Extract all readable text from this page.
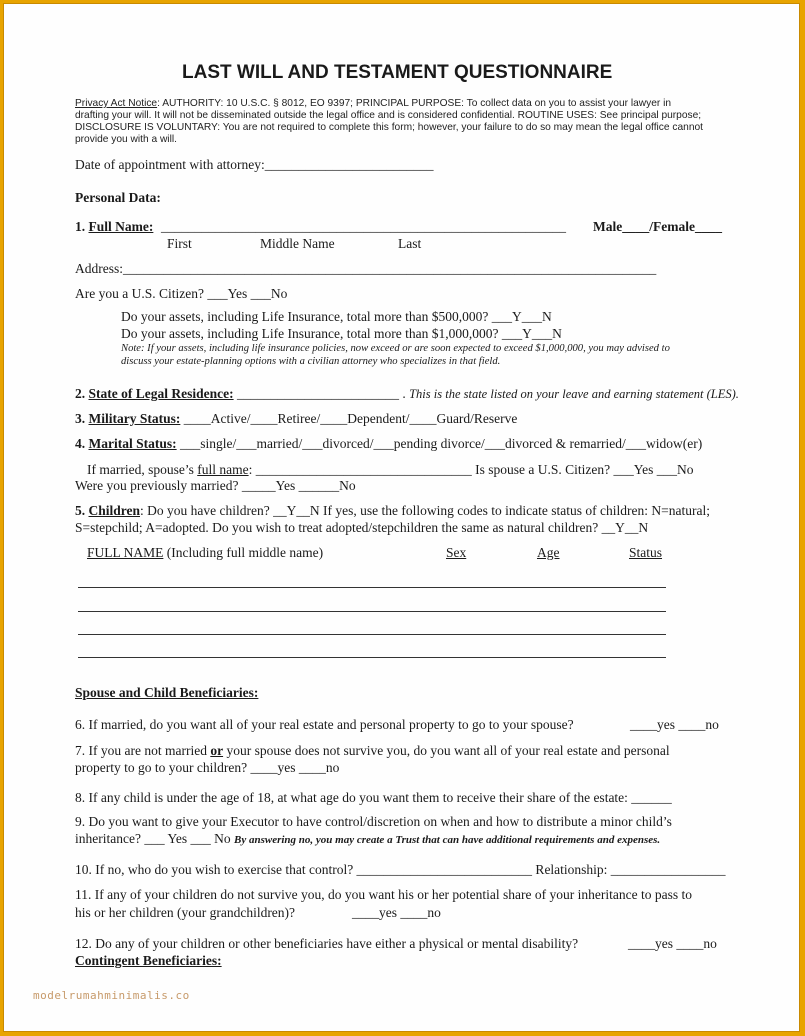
LAST WILL AND TESTAMENT QUESTIONNAIRE
Privacy Act Notice: AUTHORITY: 10 U.S.C. § 8012, EO 9397; PRINCIPAL PURPOSE: To collect data on you to assist your lawyer in
drafting your will. It will not be disseminated outside the legal office and is considered confidential. ROUTINE USES: See principal purpose;
DISCLOSURE IS VOLUNTARY: You are not required to complete this form; however, your failure to do so may mean the legal office cannot
provide you with a will.
Date of appointment with attorney:_________________________
Personal Data:
1. Full Name: ____________________________________________________________ Male____/Female____
First	Middle Name	Last
Address:_______________________________________________________________________________
Are you a U.S. Citizen? ___Yes ___No
Do your assets, including Life Insurance, total more than $500,000? ___Y___N
Do your assets, including Life Insurance, total more than $1,000,000? ___Y___N
Note: If your assets, including life insurance policies, now exceed or are soon expected to exceed $1,000,000, you may advised to
discuss your estate-planning options with a civilian attorney who specializes in that field.
2. State of Legal Residence: ________________________ . This is the state listed on your leave and earning statement (LES).
3. Military Status: ____Active/____Retiree/____Dependent/____Guard/Reserve
4. Marital Status: ___single/___married/___divorced/___pending divorce/___divorced & remarried/___widow(er)
If married, spouse’s full name: ________________________________ Is spouse a U.S. Citizen? ___Yes ___No
Were you previously married? _____Yes ______No
5. Children: Do you have children? __Y__N If yes, use the following codes to indicate status of children: N=natural;
S=stepchild; A=adopted. Do you wish to treat adopted/stepchildren the same as natural children? __Y__N
FULL NAME (Including full middle name)	Sex	Age	Status
Spouse and Child Beneficiaries:
6. If married, do you want all of your real estate and personal property to go to your spouse?	____yes ____no
7. If you are not married or your spouse does not survive you, do you want all of your real estate and personal
property to go to your children? ____yes ____no
8. If any child is under the age of 18, at what age do you want them to receive their share of the estate: ______
9. Do you want to give your Executor to have control/discretion on when and how to distribute a minor child’s
inheritance? ___ Yes ___ No By answering no, you may create a Trust that can have additional requirements and expenses.
10. If no, who do you wish to exercise that control? __________________________ Relationship: _________________
11. If any of your children do not survive you, do you want his or her potential share of your inheritance to pass to
his or her children (your grandchildren)?	____yes ____no
12. Do any of your children or other beneficiaries have either a physical or mental disability?	____yes ____no
Contingent Beneficiaries:
modelrumahminimalis.co
